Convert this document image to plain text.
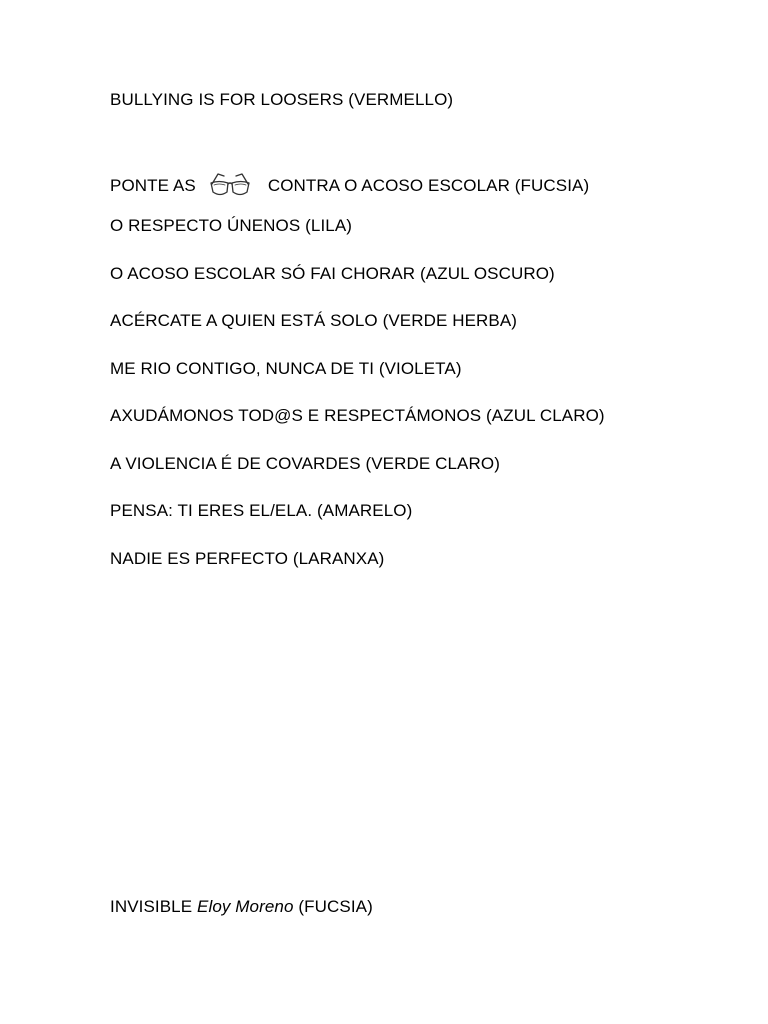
BULLYING IS FOR LOOSERS (VERMELLO)
PONTE AS	CONTRA O ACOSO ESCOLAR (FUCSIA)
O RESPECTO ÚNENOS (LILA)
O ACOSO ESCOLAR SÓ FAI CHORAR (AZUL OSCURO)
ACÉRCATE A QUIEN ESTÁ SOLO (VERDE HERBA)
ME RIO CONTIGO, NUNCA DE TI (VIOLETA)
AXUDÁMONOS TOD@S E RESPECTÁMONOS (AZUL CLARO)
A VIOLENCIA É DE COVARDES (VERDE CLARO)
PENSA: TI ERES EL/ELA. (AMARELO)
NADIE ES PERFECTO (LARANXA)
INVISIBLE Eloy Moreno (FUCSIA)
